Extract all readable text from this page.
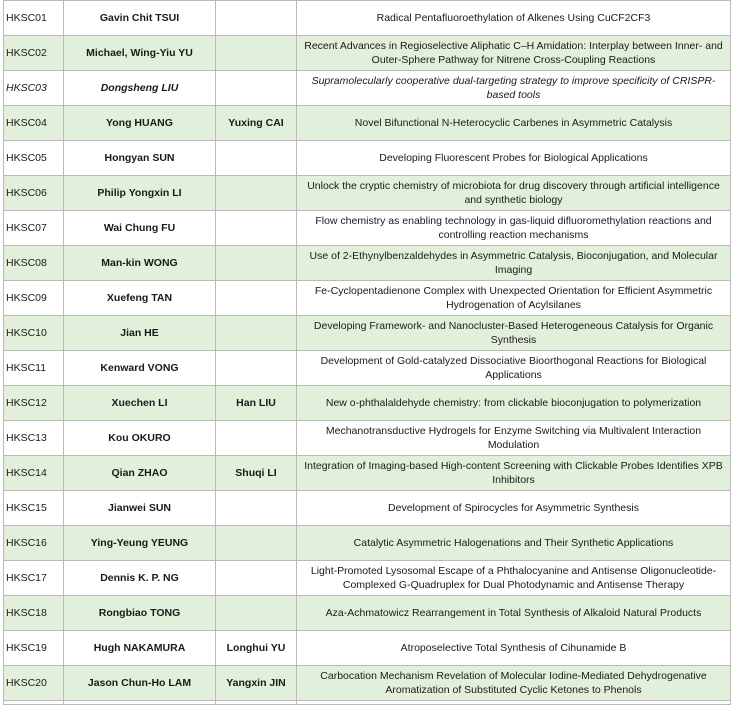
HKSC01	Gavin Chit TSUI		Radical Pentafluoroethylation of Alkenes Using CuCF2CF3
HKSC02	Michael, Wing-Yiu YU		Recent Advances in Regioselective Aliphatic C–H Amidation: Interplay between Inner- and Outer-Sphere Pathway for Nitrene Cross-Coupling Reactions
HKSC03	Dongsheng LIU		Supramolecularly cooperative dual-targeting strategy to improve specificity of CRISPR-based tools
HKSC04	Yong HUANG	Yuxing CAI	Novel Bifunctional N-Heterocyclic Carbenes in Asymmetric Catalysis
HKSC05	Hongyan SUN		Developing Fluorescent Probes for Biological Applications
HKSC06	Philip Yongxin LI		Unlock the cryptic chemistry of microbiota for drug discovery through artificial intelligence and synthetic biology
HKSC07	Wai Chung FU		Flow chemistry as enabling technology in gas-liquid difluoromethylation reactions and controlling reaction mechanisms
HKSC08	Man-kin WONG		Use of 2-Ethynylbenzaldehydes in Asymmetric Catalysis, Bioconjugation, and Molecular Imaging
HKSC09	Xuefeng TAN		Fe-Cyclopentadienone Complex with Unexpected Orientation for Efficient Asymmetric Hydrogenation of Acylsilanes
HKSC10	Jian HE		Developing Framework- and Nanocluster-Based Heterogeneous Catalysis for Organic Synthesis
HKSC11	Kenward VONG		Development of Gold-catalyzed Dissociative Bioorthogonal Reactions for Biological Applications
HKSC12	Xuechen LI	Han LIU	New o-phthalaldehyde chemistry: from clickable bioconjugation to polymerization
HKSC13	Kou OKURO		Mechanotransductive Hydrogels for Enzyme Switching via Multivalent Interaction Modulation
HKSC14	Qian ZHAO	Shuqi LI	Integration of Imaging-based High-content Screening with Clickable Probes Identifies XPB Inhibitors
HKSC15	Jianwei SUN		Development of Spirocycles for Asymmetric Synthesis
HKSC16	Ying-Yeung YEUNG		Catalytic Asymmetric Halogenations and Their Synthetic Applications
HKSC17	Dennis K. P. NG		Light-Promoted Lysosomal Escape of a Phthalocyanine and Antisense Oligonucleotide-Complexed G-Quadruplex for Dual Photodynamic and Antisense Therapy
HKSC18	Rongbiao TONG		Aza-Achmatowicz Rearrangement in Total Synthesis of Alkaloid Natural Products
HKSC19	Hugh NAKAMURA	Longhui YU	Atroposelective Total Synthesis of Cihunamide B
HKSC20	Jason Chun-Ho LAM	Yangxin JIN	Carbocation Mechanism Revelation of Molecular Iodine-Mediated Dehydrogenative Aromatization of Substituted Cyclic Ketones to Phenols
